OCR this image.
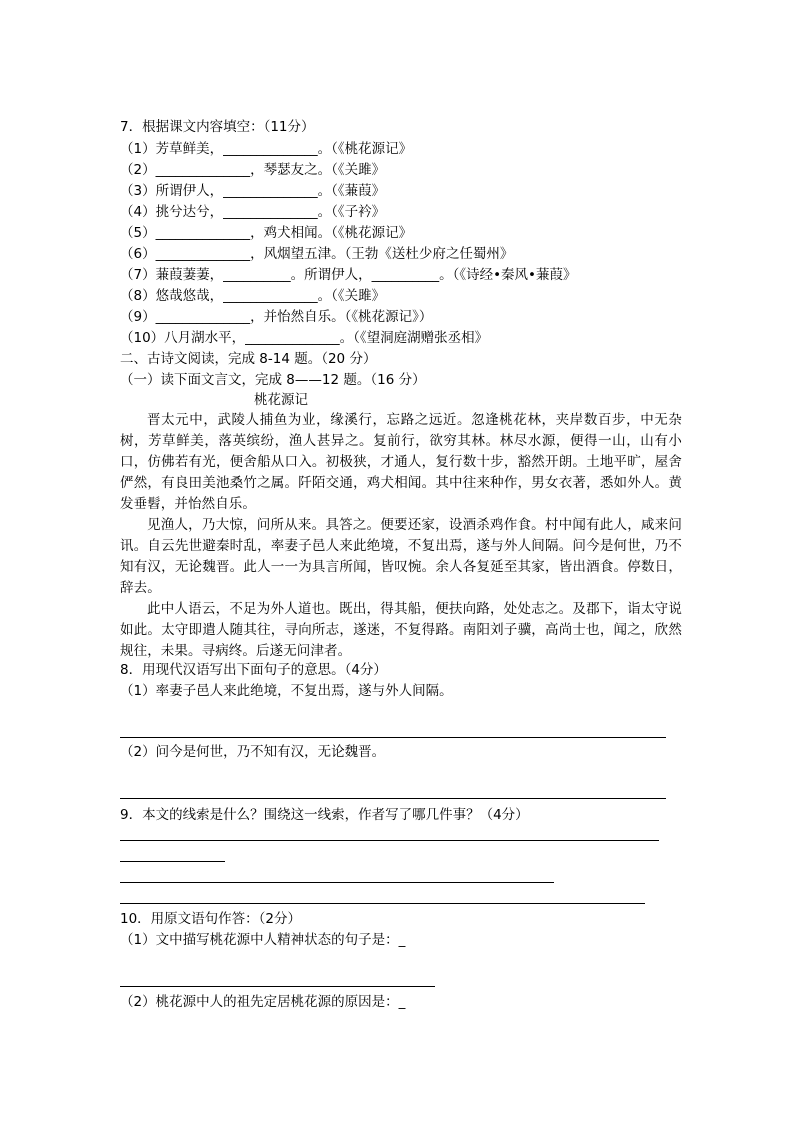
7．根据课文内容填空：（11分）
（1）芳草鲜美，______________。（《桃花源记》
（2）______________，琴瑟友之。（《关雎》
（3）所谓伊人，______________。（《蒹葭》
（4）挑兮达兮，______________。（《子衿》
（5）______________，鸡犬相闻。（《桃花源记》
（6）______________，风烟望五津。（王勃《送杜少府之任蜀州》
（7）蒹葭萋萋，__________。所谓伊人，__________。（《诗经•秦风•蒹葭》
（8）悠哉悠哉，______________。（《关雎》
（9）______________，并怡然自乐。（《桃花源记》）
（10）八月湖水平，______________。（《望洞庭湖赠张丞相》
二、古诗文阅读，完成 8-14 题。（20 分）
（一）读下面文言文，完成 8——12 题。（16 分）
桃花源记
晋太元中，武陵人捕鱼为业，缘溪行，忘路之远近。忽逢桃花林，夹岸数百步，中无杂树，芳草鲜美，落英缤纷，渔人甚异之。复前行，欲穷其林。林尽水源，便得一山，山有小口，仿佛若有光，便舍船从口入。初极狭，才通人，复行数十步，豁然开朗。土地平旷，屋舍俨然，有良田美池桑竹之属。阡陌交通，鸡犬相闻。其中往来种作，男女衣著，悉如外人。黄发垂髫，并怡然自乐。
见渔人，乃大惊，问所从来。具答之。便要还家，设酒杀鸡作食。村中闻有此人，咸来问讯。自云先世避秦时乱，率妻子邑人来此绝境，不复出焉，遂与外人间隔。问今是何世，乃不知有汉，无论魏晋。此人一一为具言所闻，皆叹惋。余人各复延至其家，皆出酒食。停数日，辞去。
此中人语云，不足为外人道也。既出，得其船，便扶向路，处处志之。及郡下，诣太守说如此。太守即遣人随其往，寻向所志，遂迷，不复得路。南阳刘子骥，高尚士也，闻之，欣然规往，未果。寻病终。后遂无问津者。
8．用现代汉语写出下面句子的意思。（4分）
（1）率妻子邑人来此绝境，不复出焉，遂与外人间隔。
（2）问今是何世，乃不知有汉，无论魏晋。
9．本文的线索是什么？围绕这一线索，作者写了哪几件事？（4分）
10．用原文语句作答：（2分）
（1）文中描写桃花源中人精神状态的句子是：_
（2）桃花源中人的祖先定居桃花源的原因是：_
